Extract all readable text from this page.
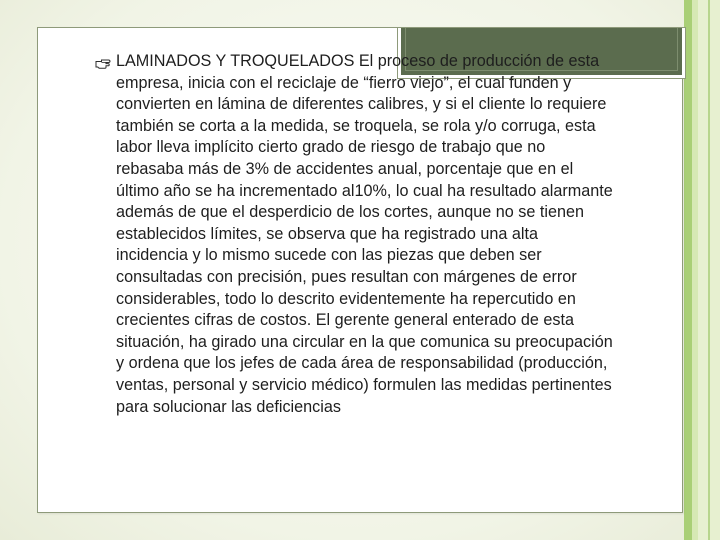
LAMINADOS Y TROQUELADOS El proceso de producción de esta empresa, inicia con el reciclaje de “fierro viejo”, el cual funden y convierten en lámina de diferentes calibres, y si el cliente lo requiere también se corta a la medida, se troquela, se rola y/o corruga, esta labor lleva implícito cierto grado de riesgo de trabajo que no rebasaba más de 3% de accidentes anual, porcentaje que en el último año se ha incrementado al10%, lo cual ha resultado alarmante además de que el desperdicio de los cortes, aunque no se tienen establecidos límites, se observa que ha registrado una alta incidencia y lo mismo sucede con las piezas que deben ser consultadas con precisión, pues resultan con márgenes de error considerables, todo lo descrito evidentemente ha repercutido en crecientes cifras de costos. El gerente general enterado de esta situación, ha girado una circular en la que comunica su preocupación y ordena que los jefes de cada área de responsabilidad (producción, ventas, personal y servicio médico) formulen las medidas pertinentes para solucionar las deficiencias
